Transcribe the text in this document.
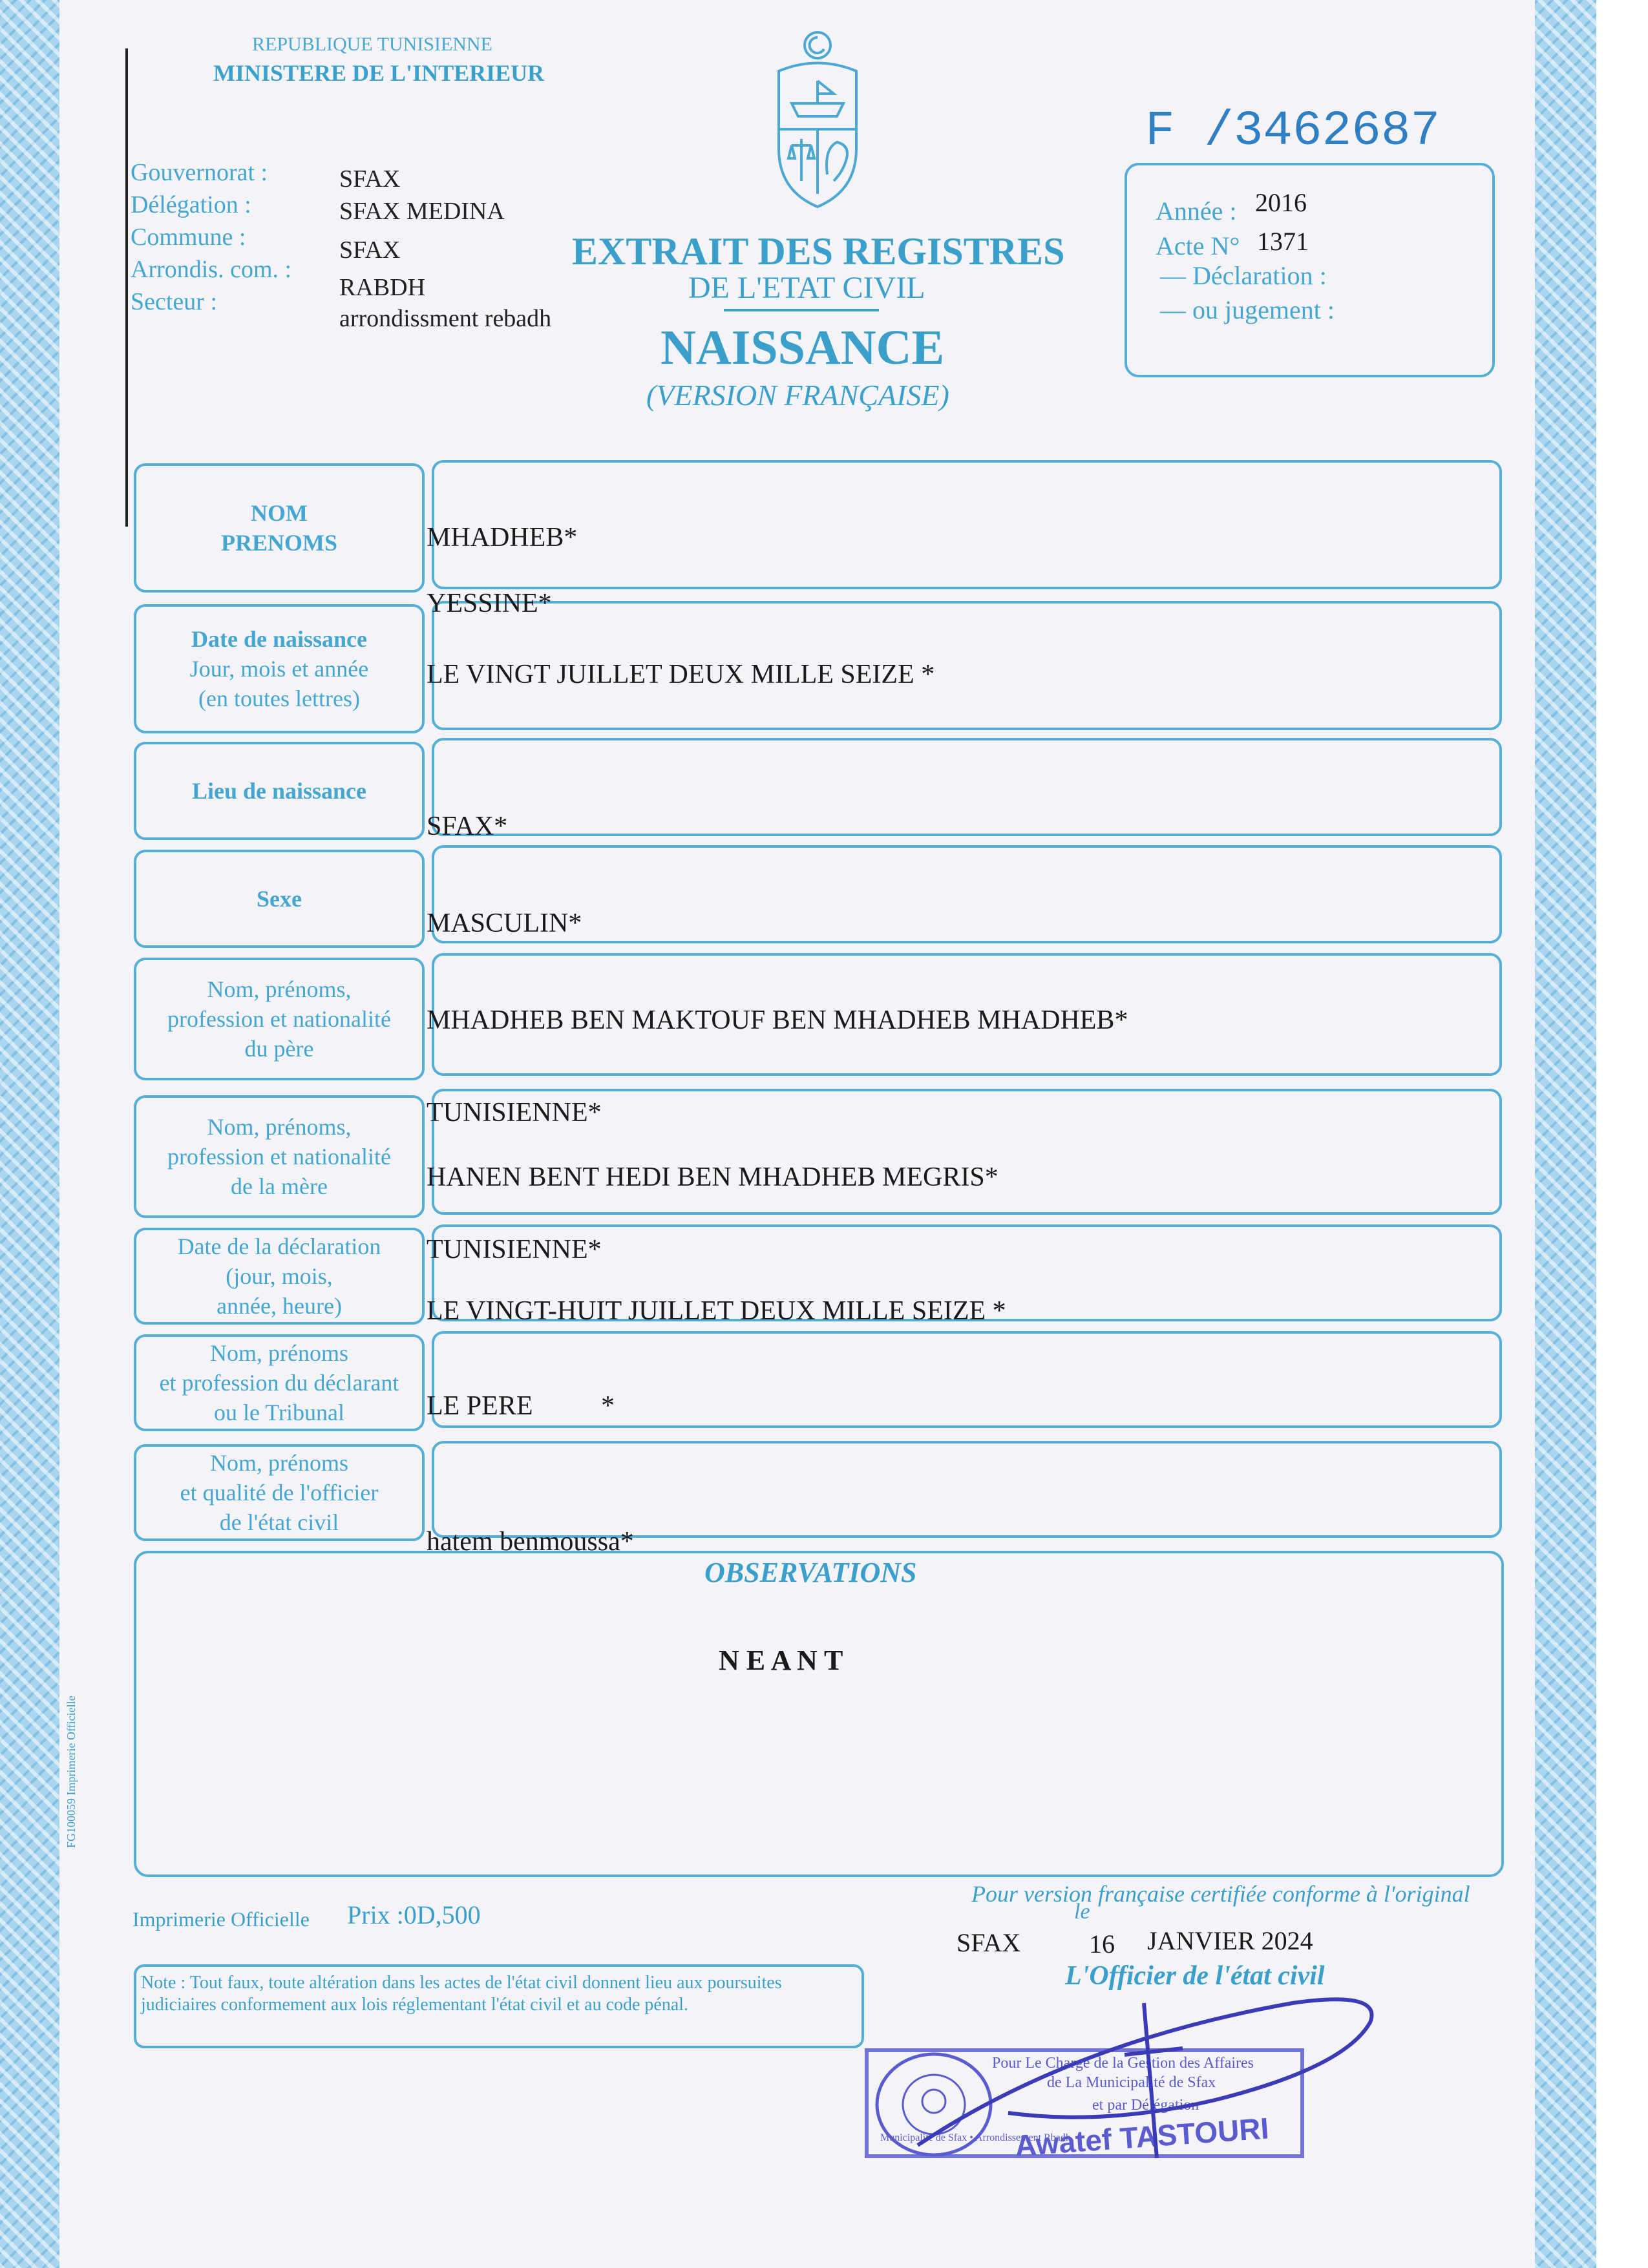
REPUBLIQUE TUNISIENNE
MINISTERE DE L'INTERIEUR
F /3462687
Gouvernorat :
Délégation :
Commune :
Arrondis. com. :
Secteur :
SFAX
SFAX MEDINA
SFAX
RABDH
arrondissment rebadh
EXTRAIT DES REGISTRES
DE L'ETAT CIVIL
NAISSANCE
(VERSION FRANÇAISE)
Année : 2016
Acte N° 1371
— Déclaration :
— ou jugement :
NOM
PRENOMS
Date de naissance
Jour, mois et année
(en toutes lettres)
Lieu de naissance
Sexe
Nom, prénoms,
profession et nationalité
du père
Nom, prénoms,
profession et nationalité
de la mère
Date de la déclaration
(jour, mois,
année, heure)
Nom, prénoms
et profession du déclarant
ou le Tribunal
Nom, prénoms
et qualité de l'officier
de l'état civil
OBSERVATIONS
N E A N T
MHADHEB*
YESSINE*
LE VINGT JUILLET DEUX MILLE SEIZE *
SFAX*
MASCULIN*
MHADHEB BEN MAKTOUF BEN MHADHEB MHADHEB*
TUNISIENNE*
HANEN BENT HEDI BEN MHADHEB MEGRIS*
TUNISIENNE*
LE VINGT-HUIT JUILLET DEUX MILLE SEIZE *
LE PERE	*
hatem benmoussa*
FG100059 Imprimerie Officielle
Imprimerie Officielle Prix :0D,500
Pour version française certifiée conforme à l'original
SFAX
le
16 JANVIER 2024
L'Officier de l'état civil
Note : Tout faux, toute altération dans les actes de l'état civil donnent lieu aux poursuites judiciaires conformement aux lois réglementant l'état civil et au code pénal.
Municipalité de Sfax • Arrondissement Rbadh
Pour Le Chargé de la Gestion des Affaires
de La Municipalité de Sfax
et par Délégation
Awatef TASTOURI
